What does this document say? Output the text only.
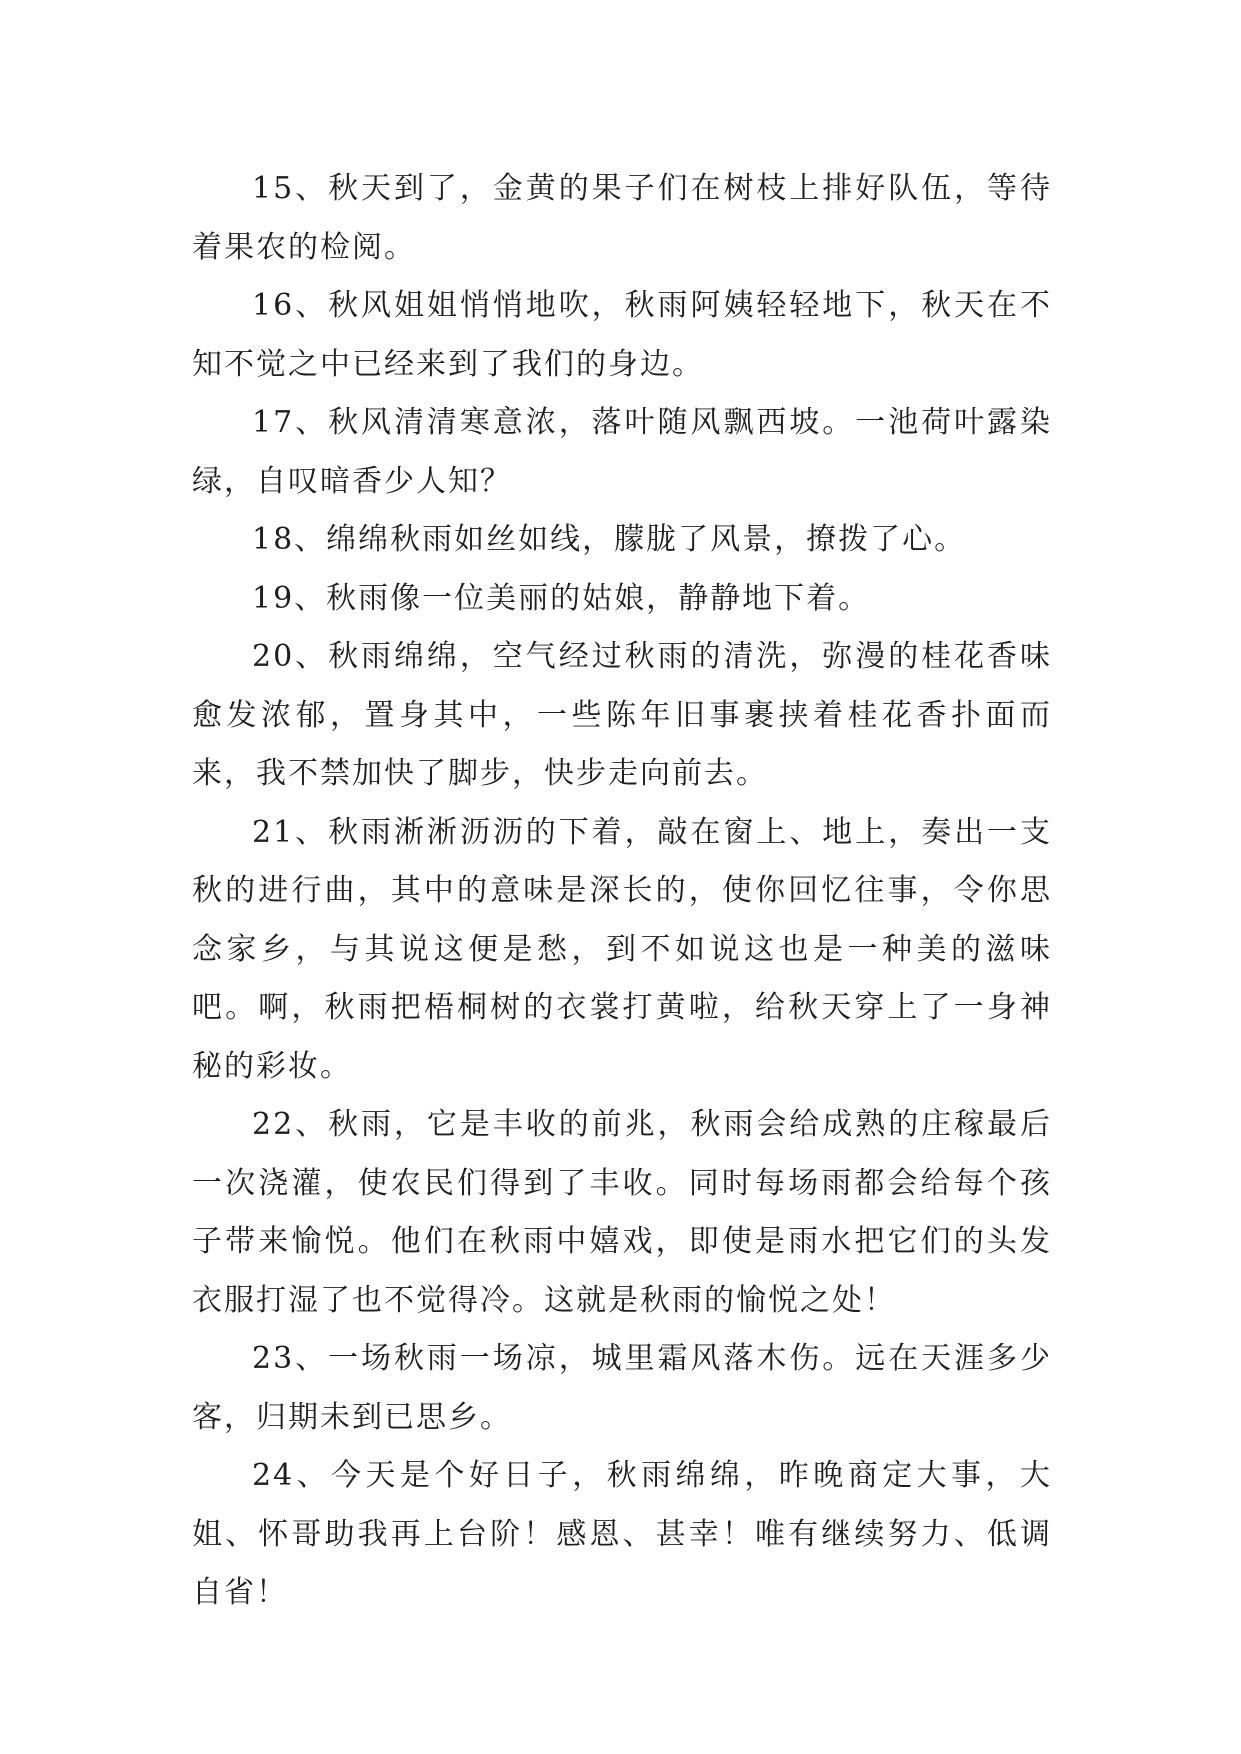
15、秋天到了，金黄的果子们在树枝上排好队伍，等待着果农的检阅。

16、秋风姐姐悄悄地吹，秋雨阿姨轻轻地下，秋天在不知不觉之中已经来到了我们的身边。

17、秋风清清寒意浓，落叶随风飘西坡。一池荷叶露染绿，自叹暗香少人知？

18、绵绵秋雨如丝如线，朦胧了风景，撩拨了心。

19、秋雨像一位美丽的姑娘，静静地下着。

20、秋雨绵绵，空气经过秋雨的清洗，弥漫的桂花香味愈发浓郁，置身其中，一些陈年旧事裹挟着桂花香扑面而来，我不禁加快了脚步，快步走向前去。

21、秋雨淅淅沥沥的下着，敲在窗上、地上，奏出一支秋的进行曲，其中的意味是深长的，使你回忆往事，令你思念家乡，与其说这便是愁，到不如说这也是一种美的滋味吧。啊，秋雨把梧桐树的衣裳打黄啦，给秋天穿上了一身神秘的彩妆。

22、秋雨，它是丰收的前兆，秋雨会给成熟的庄稼最后一次浇灌，使农民们得到了丰收。同时每场雨都会给每个孩子带来愉悦。他们在秋雨中嬉戏，即使是雨水把它们的头发衣服打湿了也不觉得冷。这就是秋雨的愉悦之处！

23、一场秋雨一场凉，城里霜风落木伤。远在天涯多少客，归期未到已思乡。

24、今天是个好日子，秋雨绵绵，昨晚商定大事，大姐、怀哥助我再上台阶！感恩、甚幸！唯有继续努力、低调自省！
